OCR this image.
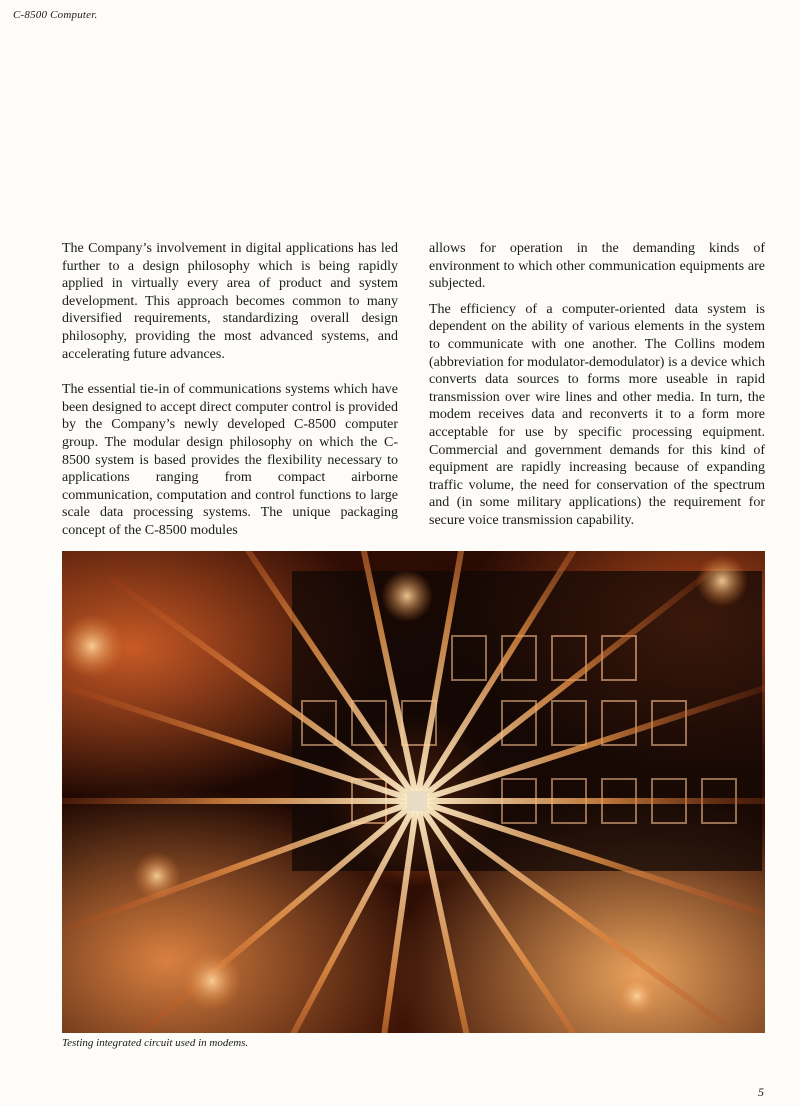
C-8500 Computer.

The Company’s involvement in digital applications has led further to a design philosophy which is being rapidly applied in virtually every area of product and system development. This approach becomes common to many diversified requirements, standardizing overall design philosophy, providing the most advanced systems, and accelerating future advances.

The essential tie-in of communications systems which have been designed to accept direct computer control is provided by the Company’s newly developed C-8500 computer group. The modular design philosophy on which the C-8500 system is based provides the flexibility necessary to applications ranging from compact airborne communication, computation and control functions to large scale data processing systems. The unique packaging concept of the C-8500 modules

allows for operation in the demanding kinds of environment to which other communication equipments are subjected.

The efficiency of a computer-oriented data system is dependent on the ability of various elements in the system to communicate with one another. The Collins modem (abbreviation for modulator-demodulator) is a device which converts data sources to forms more useable in rapid transmission over wire lines and other media. In turn, the modem receives data and reconverts it to a form more acceptable for use by specific processing equipment. Commercial and government demands for this kind of equipment are rapidly increasing because of expanding traffic volume, the need for conservation of the spectrum and (in some military applications) the requirement for secure voice transmission capability.

Testing integrated circuit used in modems.
5
